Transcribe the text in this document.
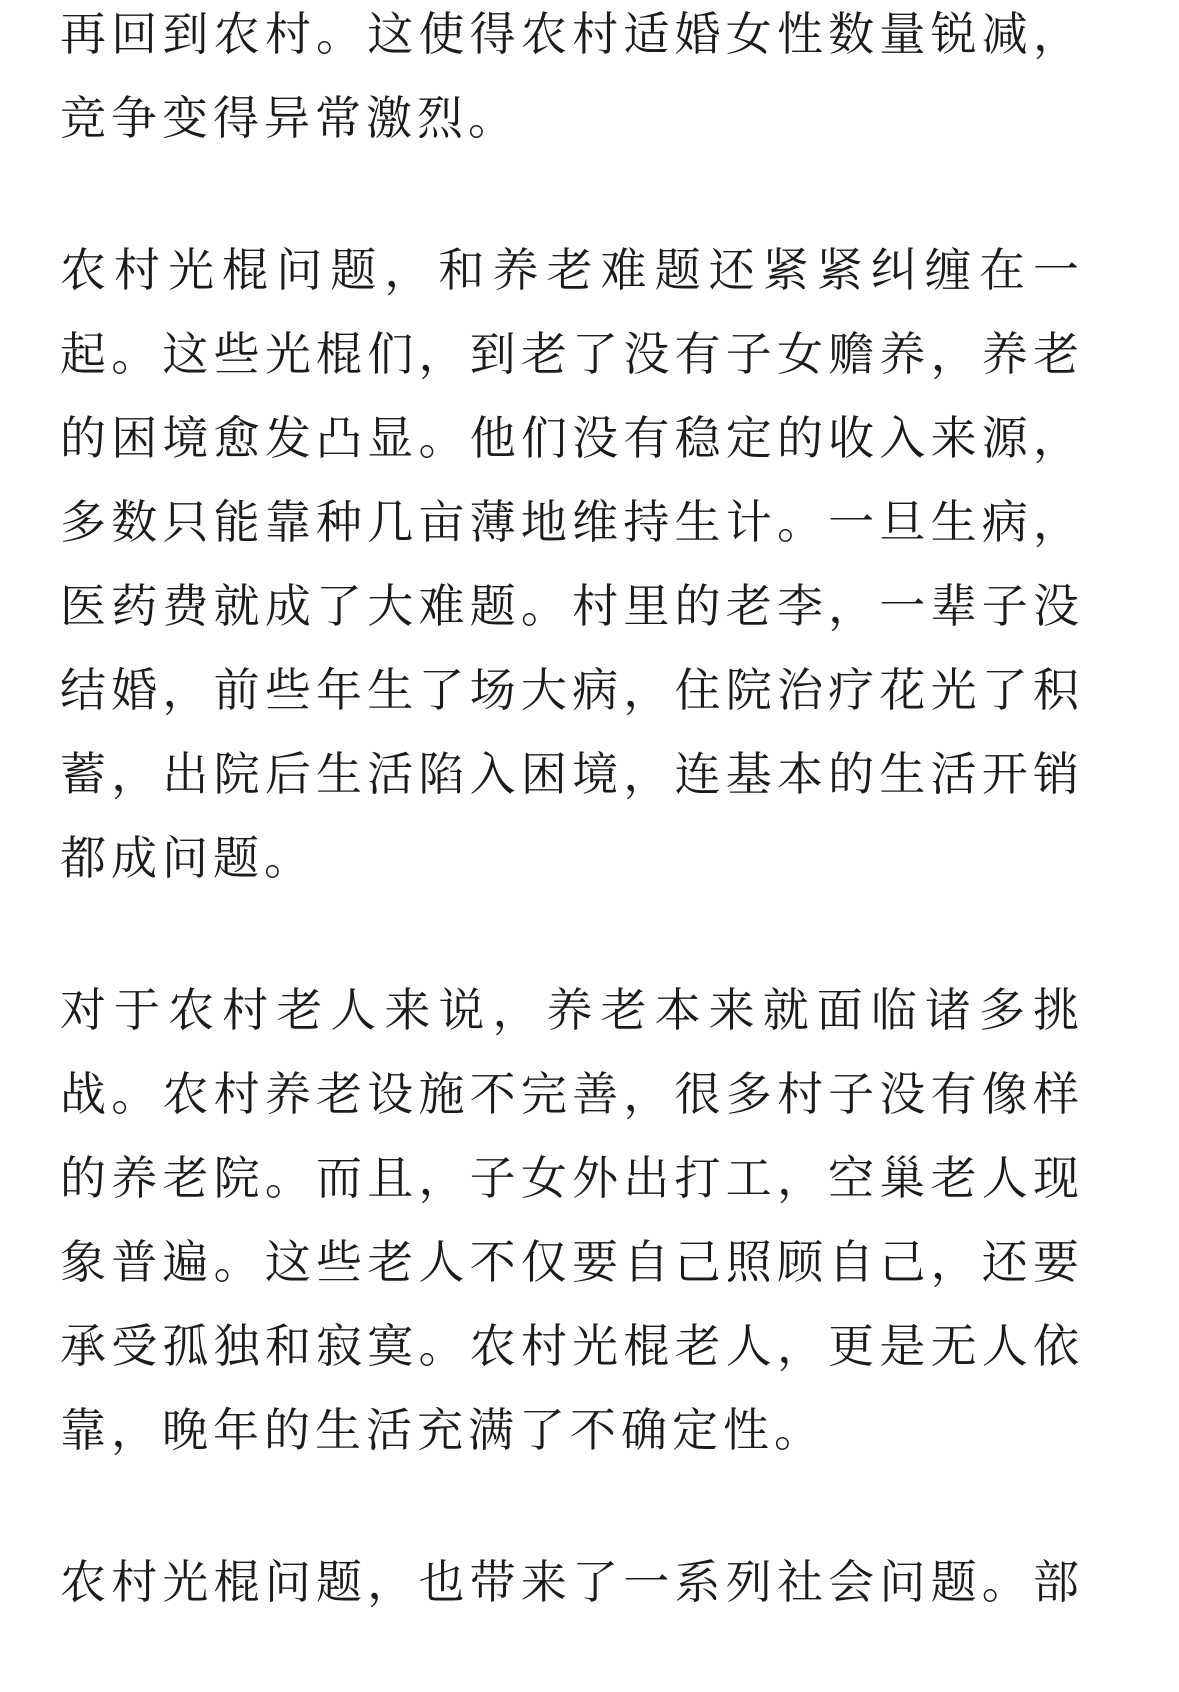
再回到农村。这使得农村适婚女性数量锐减，
竞争变得异常激烈。
农村光棍问题，和养老难题还紧紧纠缠在一
起。这些光棍们，到老了没有子女赡养，养老
的困境愈发凸显。他们没有稳定的收入来源，
多数只能靠种几亩薄地维持生计。一旦生病，
医药费就成了大难题。村里的老李，一辈子没
结婚，前些年生了场大病，住院治疗花光了积
蓄，出院后生活陷入困境，连基本的生活开销
都成问题。
对于农村老人来说，养老本来就面临诸多挑
战。农村养老设施不完善，很多村子没有像样
的养老院。而且，子女外出打工，空巢老人现
象普遍。这些老人不仅要自己照顾自己，还要
承受孤独和寂寞。农村光棍老人，更是无人依
靠，晚年的生活充满了不确定性。
农村光棍问题，也带来了一系列社会问题。部
